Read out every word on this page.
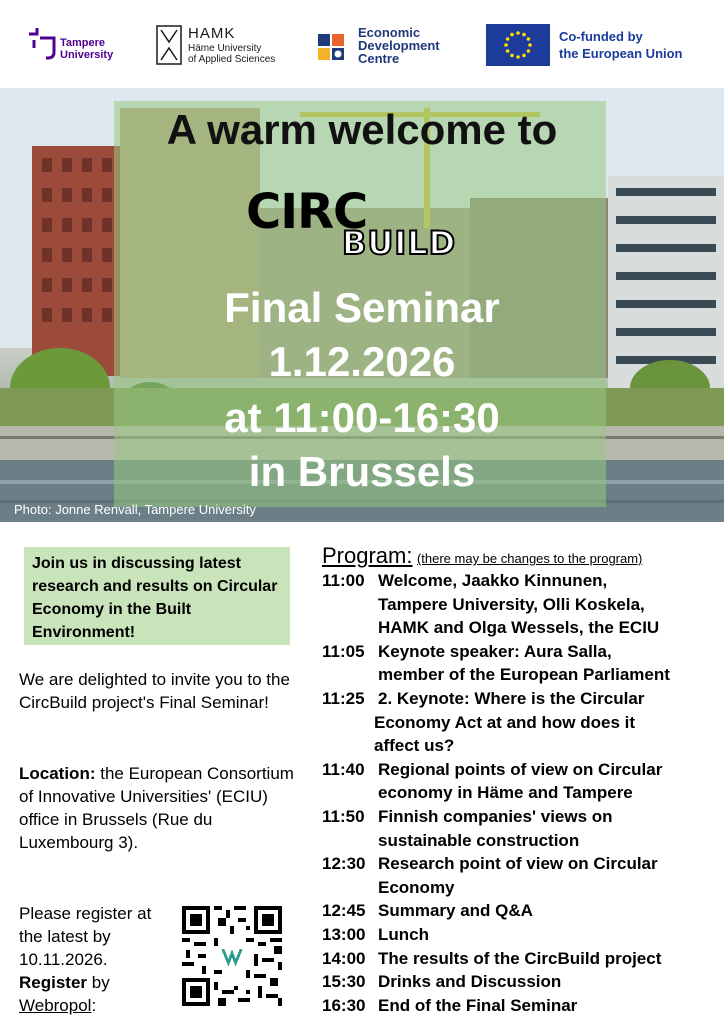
Tampere
University
HAMK
Häme University
of Applied Sciences
Economic
Development
Centre
Co-funded by
the European Union
A warm welcome to
CIRC
BUILD
Final Seminar
1.12.2026
at 11:00-16:30
in Brussels
Photo: Jonne Renvall, Tampere University
Join us in discussing latest research and results on Circular Economy in the Built Environment!
We are delighted to invite you to the CircBuild project's Final Seminar!
Location: the European Consortium of Innovative Universities' (ECIU) office in Brussels (Rue du Luxembourg 3).
Please register at the latest by 10.11.2026.
Register by
Webropol:
Program: (there may be changes to the program)
11:00 Welcome, Jaakko Kinnunen,
Tampere University, Olli Koskela,
HAMK and Olga Wessels, the ECIU
11:05 Keynote speaker: Aura Salla,
member of the European Parliament
11:25 2. Keynote: Where is the Circular
Economy Act at and how does it
affect us?
11:40 Regional points of view on Circular
economy in Häme and Tampere
11:50 Finnish companies' views on
sustainable construction
12:30 Research point of view on Circular
Economy
12:45 Summary and Q&A
13:00 Lunch
14:00 The results of the CircBuild project
15:30 Drinks and Discussion
16:30 End of the Final Seminar
